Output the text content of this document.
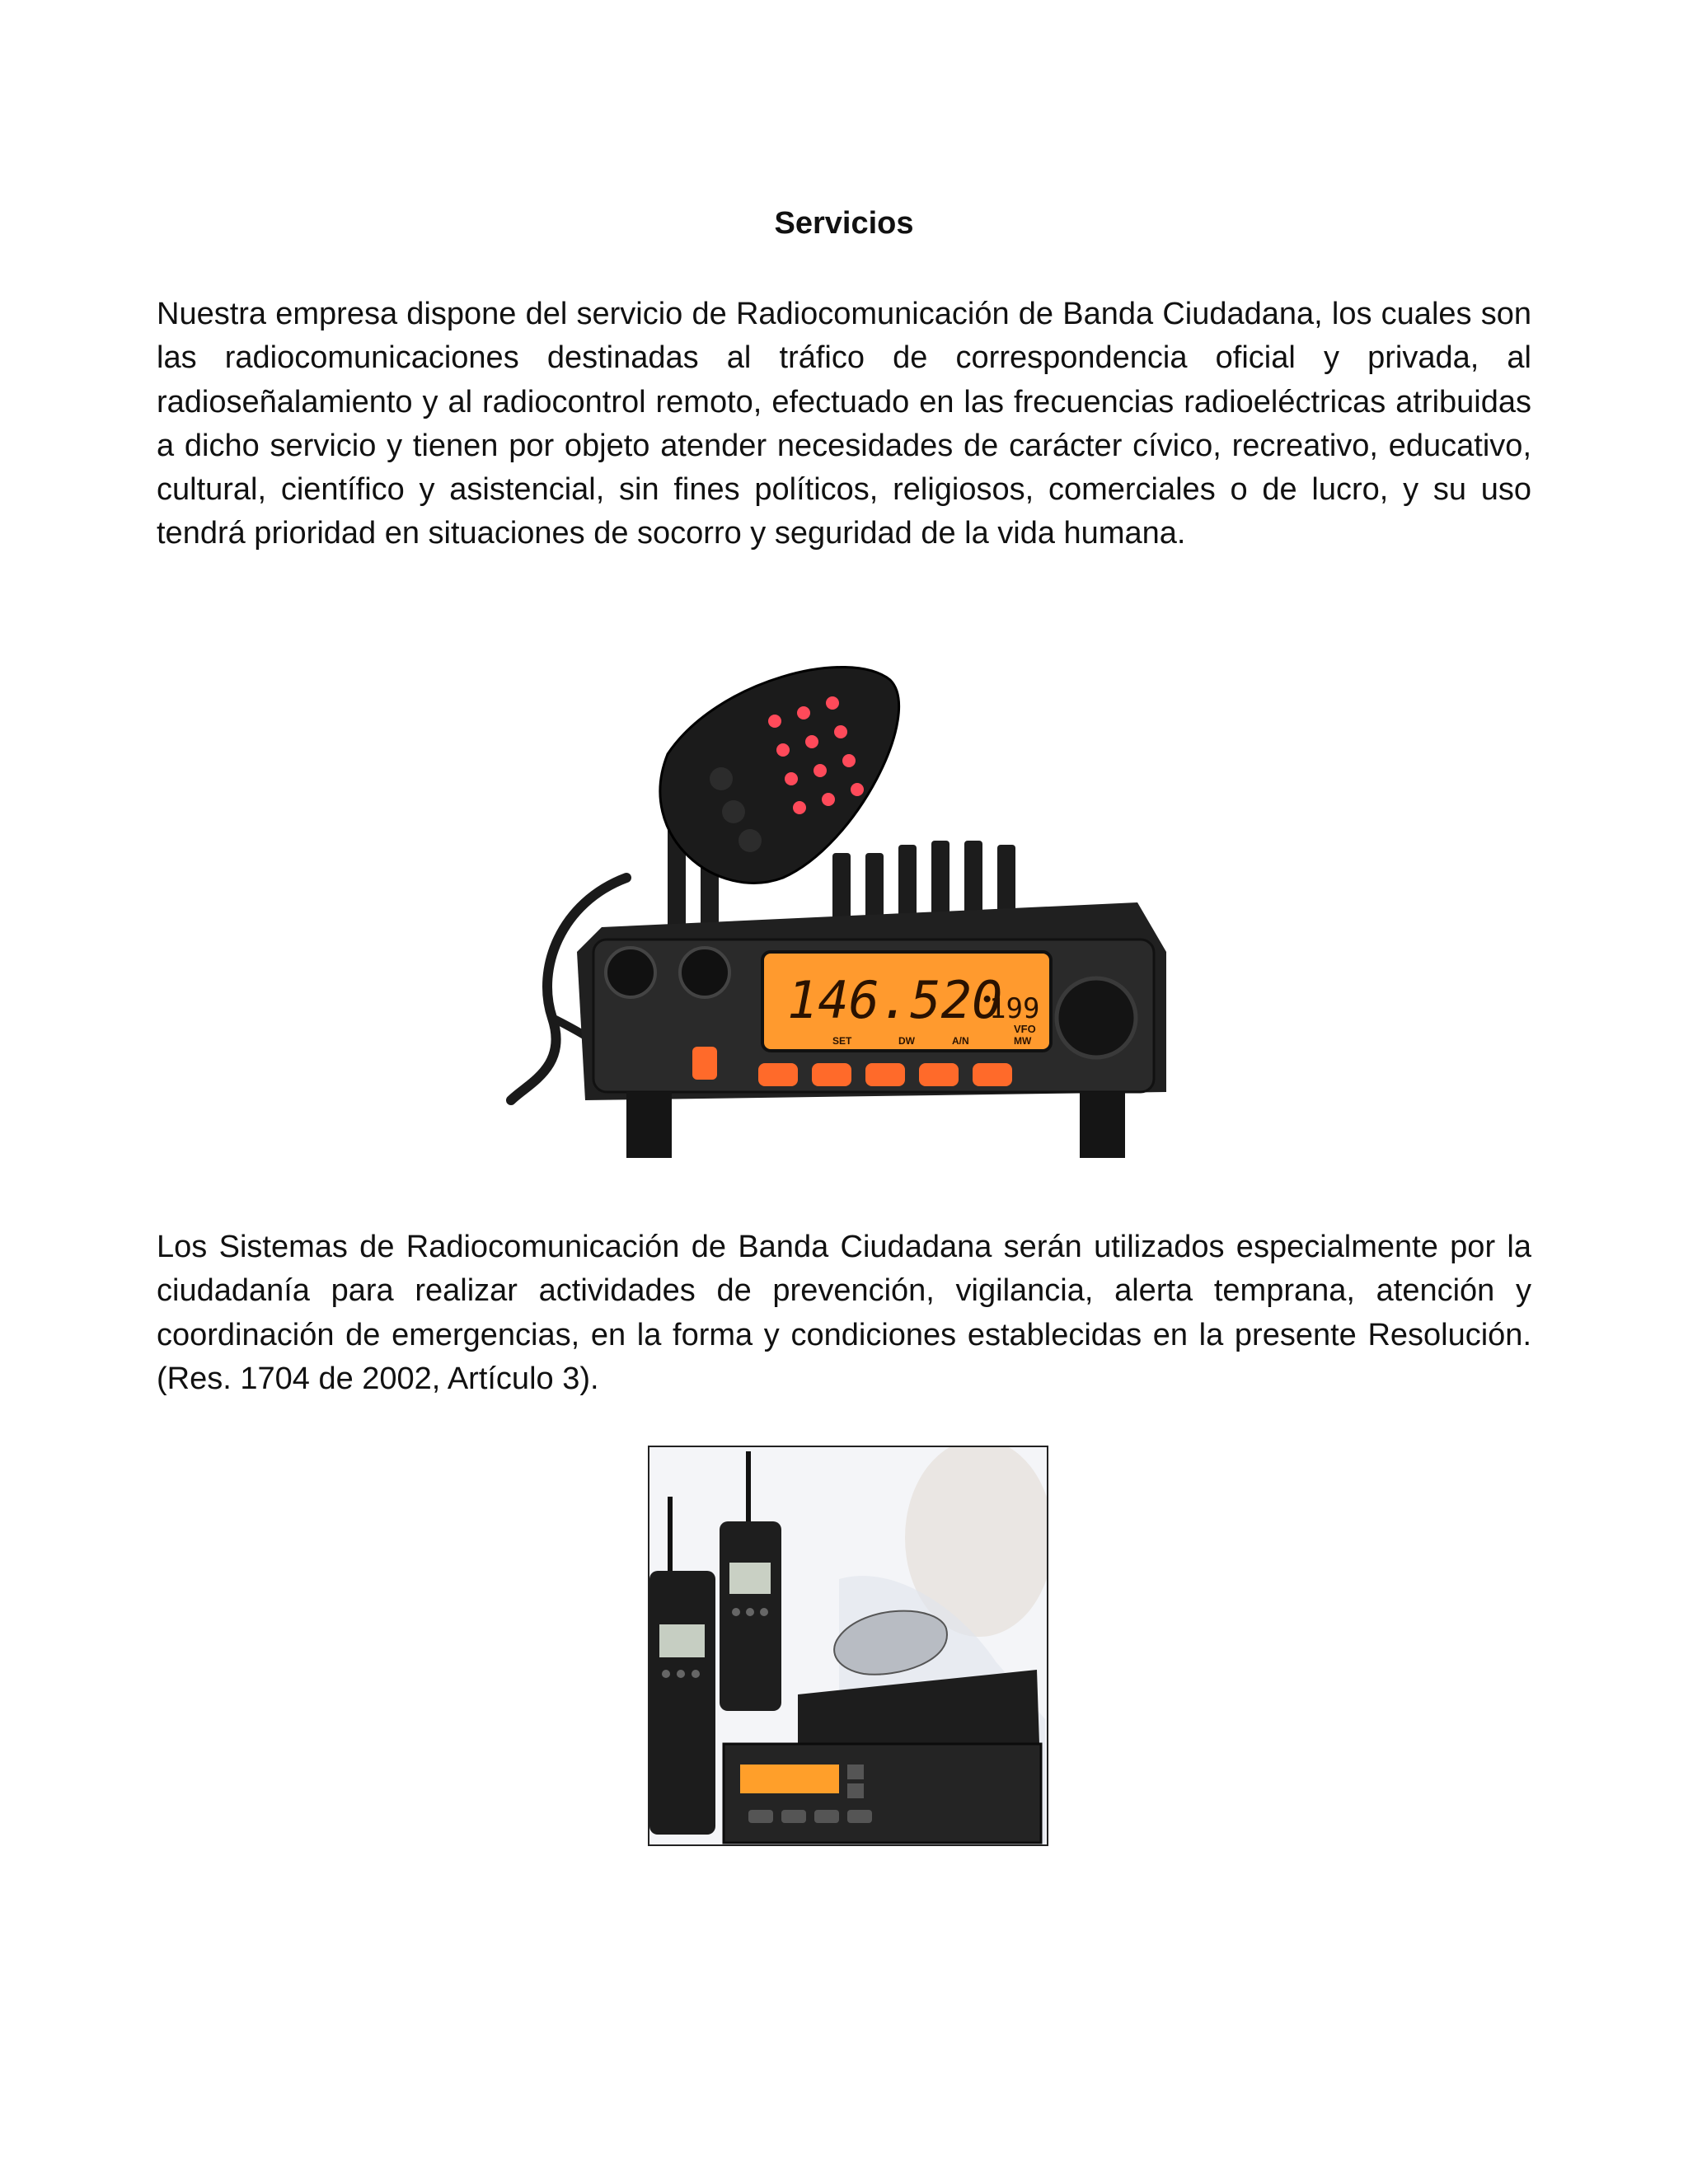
Servicios

Nuestra empresa dispone del servicio de Radiocomunicación de Banda Ciudadana, los cuales son las radiocomunicaciones destinadas al tráfico de correspondencia oficial y privada, al radioseñalamiento y al radiocontrol remoto, efectuado en las frecuencias radioeléctricas atribuidas a dicho servicio y tienen por objeto atender necesidades de carácter cívico, recreativo, educativo, cultural, científico y asistencial, sin fines políticos, religiosos, comerciales o de lucro, y su uso tendrá prioridad en situaciones de socorro y seguridad de la vida humana.

146.520
199
VFO
SET	DW	A/N	MW

Los Sistemas de Radiocomunicación de Banda Ciudadana serán utilizados especialmente por la ciudadanía para realizar actividades de prevención, vigilancia, alerta temprana, atención y coordinación de emergencias, en la forma y condiciones establecidas en la presente Resolución. (Res. 1704 de 2002, Artículo 3).
